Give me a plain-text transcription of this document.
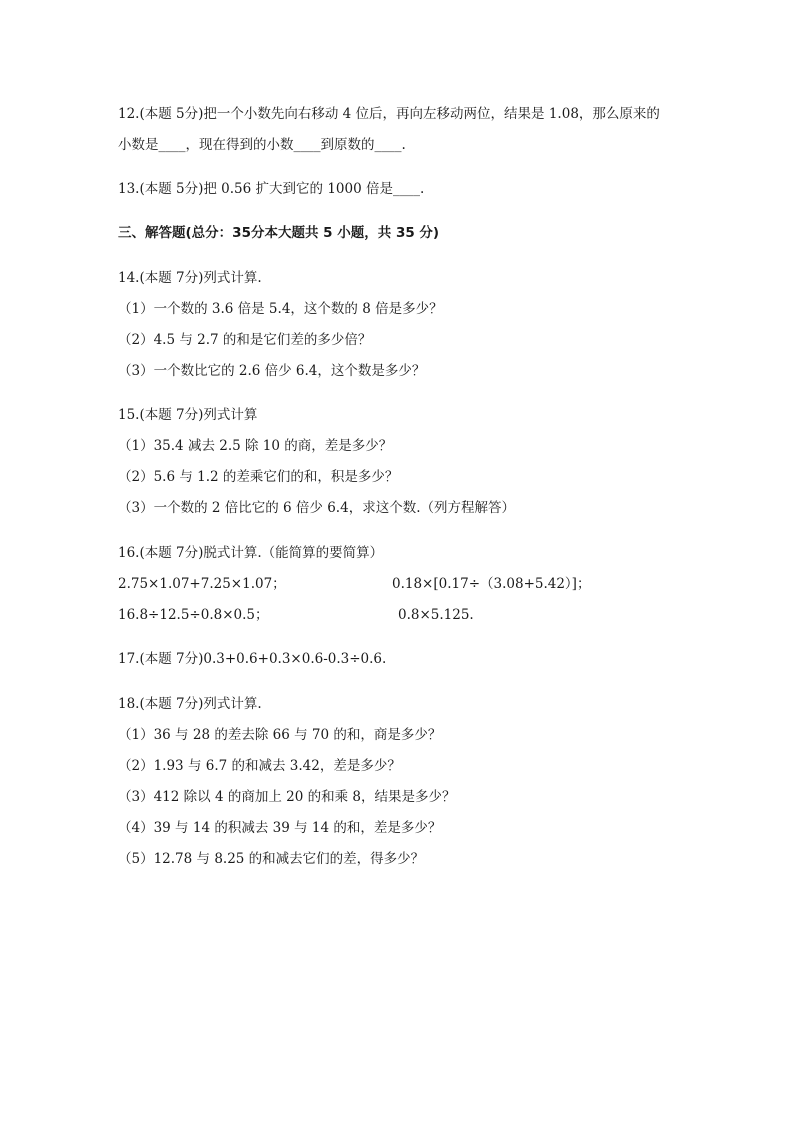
12.(本题 5分)把一个小数先向右移动 4 位后，再向左移动两位，结果是 1.08，那么原来的
小数是____，现在得到的小数____到原数的____.
13.(本题 5分)把 0.56 扩大到它的 1000 倍是____.
三、解答题(总分：35分本大题共 5 小题，共 35 分)
14.(本题 7分)列式计算.
（1）一个数的 3.6 倍是 5.4，这个数的 8 倍是多少？
（2）4.5 与 2.7 的和是它们差的多少倍？
（3）一个数比它的 2.6 倍少 6.4，这个数是多少？
15.(本题 7分)列式计算
（1）35.4 减去 2.5 除 10 的商，差是多少？
（2）5.6 与 1.2 的差乘它们的和，积是多少？
（3）一个数的 2 倍比它的 6 倍少 6.4，求这个数.（列方程解答）
16.(本题 7分)脱式计算.（能简算的要简算）
2.75×1.07+7.25×1.07；	0.18×[0.17÷（3.08+5.42）]；
16.8÷12.5÷0.8×0.5；	0.8×5.125.
17.(本题 7分)0.3+0.6+0.3×0.6-0.3÷0.6.
18.(本题 7分)列式计算.
（1）36 与 28 的差去除 66 与 70 的和，商是多少？
（2）1.93 与 6.7 的和减去 3.42，差是多少？
（3）412 除以 4 的商加上 20 的和乘 8，结果是多少？
（4）39 与 14 的积减去 39 与 14 的和，差是多少？
（5）12.78 与 8.25 的和减去它们的差，得多少？
